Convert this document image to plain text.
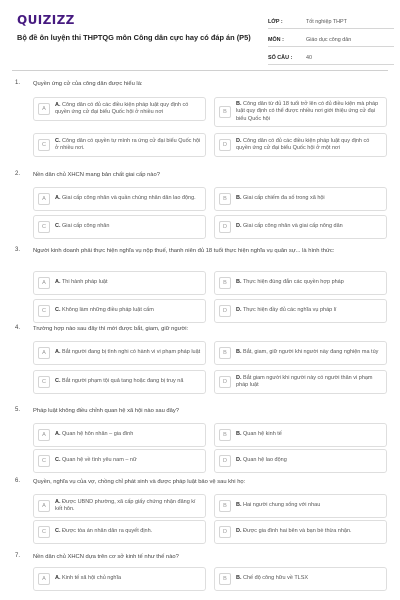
QUIZIZZ
Bộ đề ôn luyện thi THPTQG môn Công dân cực hay có đáp án (P5)
LỚP :	Tốt nghiệp THPT
MÔN :	Giáo dục công dân
SỐ CÂU :	40
1. Quyền ứng cử của công dân được hiểu là:
A
A. Công dân có đủ các điều kiện pháp luật quy định có quyền ứng cử đại biểu Quốc hội ở nhiều nơi	B
B. Công dân từ đủ 18 tuổi trở lên có đủ điều kiện mà pháp luật quy định có thể được nhiều nơi giới thiệu ứng cử đại biểu Quốc hội
C
C. Công dân có quyền tự mình ra ứng cử đại biểu Quốc hội ở nhiều nơi.	D
D. Công dân có đủ các điều kiện pháp luật quy định có quyền ứng cử đại biểu Quốc hội ở một nơi
2. Nền dân chủ XHCN mang bản chất giai cấp nào?
A	A. Giai cấp công nhân và quần chúng nhân dân lao động.	B	B. Giai cấp chiếm đa số trong xã hội
C	C. Giai cấp công nhân	D	D. Giai cấp công nhân và giai cấp nông dân
3. Người kinh doanh phải thực hiện nghĩa vụ nộp thuế, thanh niên đủ 18 tuổi thực hiện nghĩa vụ quân sự... là hình thức:
A	A. Thi hành pháp luật	B	B. Thực hiện đúng đắn các quyền hợp pháp
C	C. Không làm những điều pháp luật cấm	D	D. Thực hiện đầy đủ các nghĩa vụ pháp lí
4. Trường hợp nào sau đây thì mới được bắt, giam, giữ người:
A	A. Bắt người đang bị tình nghi có hành vi vi phạm pháp luật	B	B. Bắt, giam, giữ người khi người này đang nghiện ma túy
C	C. Bắt người phạm tội quả tang hoặc đang bị truy nã	D
D. Bắt giam người khi người này có người thân vi phạm pháp luật
5. Pháp luật không điều chỉnh quan hệ xã hội nào sau đây?
A	A. Quan hệ hôn nhân – gia đình	B	B. Quan hệ kinh tế
C	C. Quan hệ về tình yêu nam – nữ	D	D. Quan hệ lao động
6. Quyền, nghĩa vụ của vợ, chồng chỉ phát sinh và được pháp luật bảo vệ sau khi họ:
A
A. Được UBND phường, xã cấp giấy chứng nhận đăng kí kết hôn.	B	B. Hai người chung sống với nhau
C	C. Được tòa án nhân dân ra quyết định.	D	D. Được gia đình hai bên và bạn bè thừa nhận.
7. Nền dân chủ XHCN dựa trên cơ sở kinh tế như thế nào?
A	A. Kinh tế xã hội chủ nghĩa	B	B. Chế độ công hữu về TLSX
